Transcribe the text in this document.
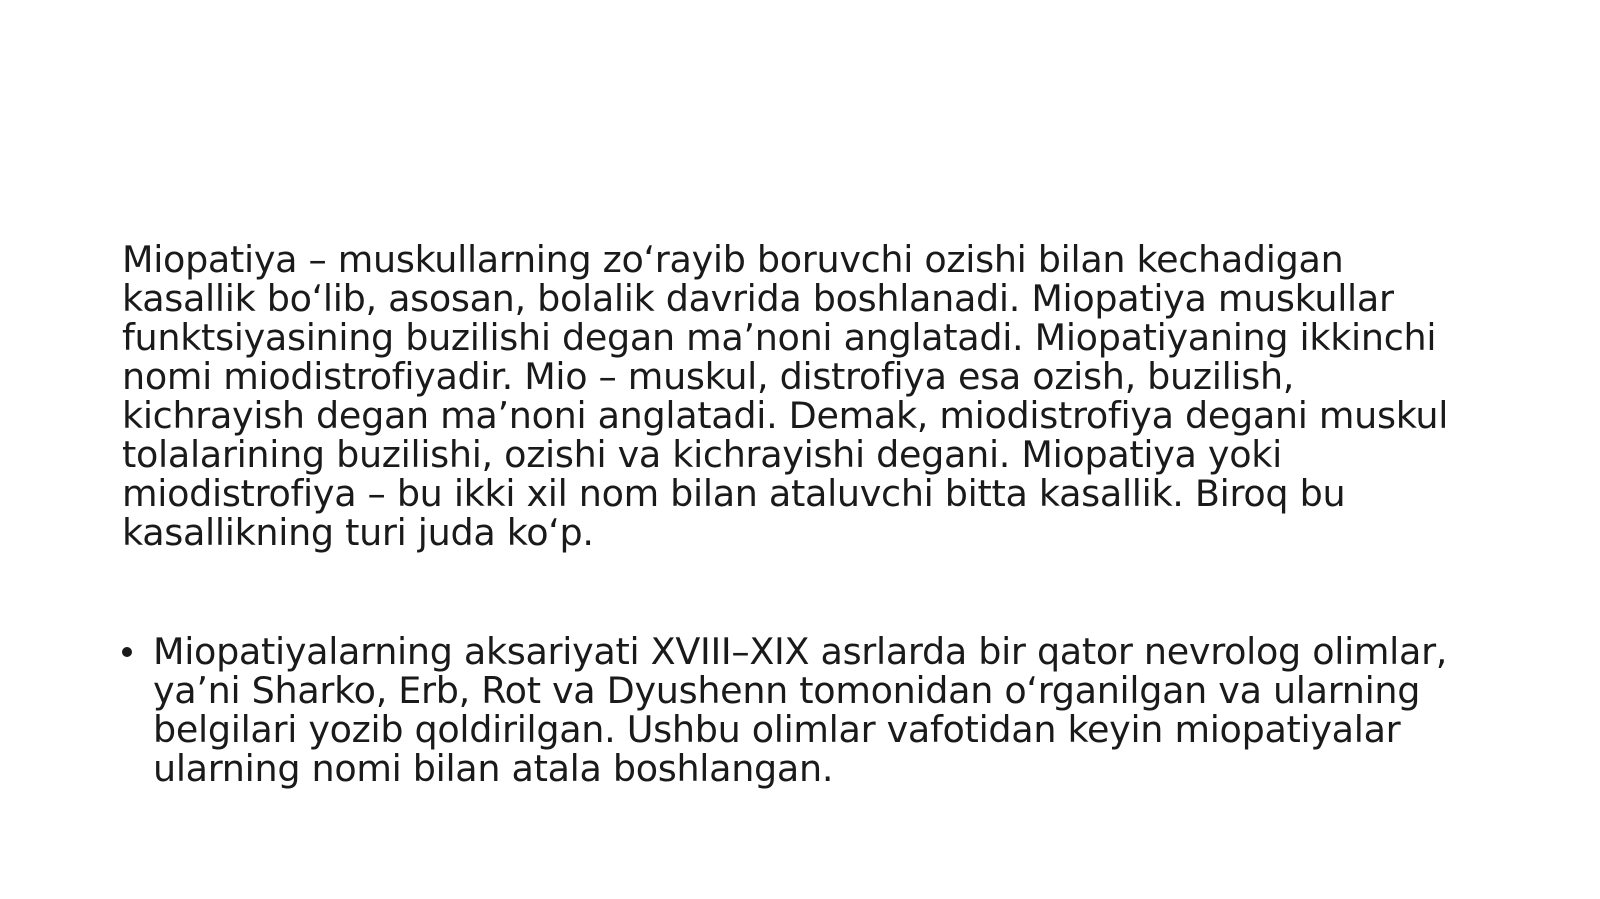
Miopatiya – muskullarning zoʻrayib boruvchi ozishi bilan kechadigan kasallik boʻlib, asosan, bolalik davrida boshlanadi. Miopatiya muskullar funktsiyasining buzilishi degan ma’noni anglatadi. Miopatiyaning ikkinchi nomi miodistrofiyadir. Mio – muskul, distrofiya esa ozish, buzilish, kichrayish degan ma’noni anglatadi. Demak, miodistrofiya degani muskul tolalarining buzilishi, ozishi va kichrayishi degani. Miopatiya yoki miodistrofiya – bu ikki xil nom bilan ataluvchi bitta kasallik. Biroq bu kasallikning turi juda koʻp.

Miopatiyalarning aksariyati XVIII–XIX asrlarda bir qator nevrolog olimlar, ya’ni Sharko, Erb, Rot va Dyushenn tomonidan oʻrganilgan va ularning belgilari yozib qoldirilgan. Ushbu olimlar vafotidan keyin miopatiyalar ularning nomi bilan atala boshlangan.
